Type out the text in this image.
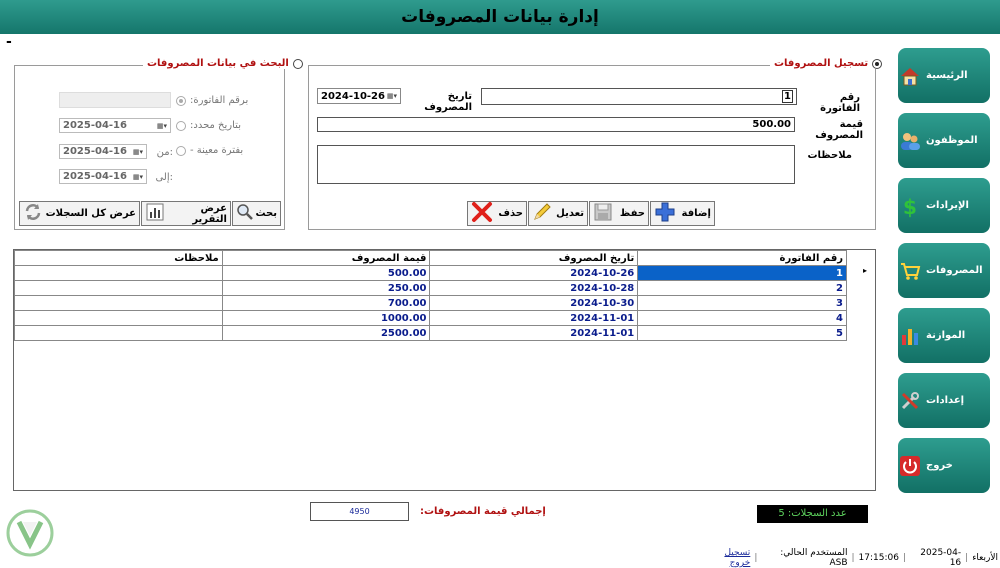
إدارة بيانات المصروفات
-
الرئيسية
الموظفون
الإيرادات
$
المصروفات
الموازنة
إعدادات
خروج
تسجيل المصروفات
رقم الفاتورة
1
تاريخ المصروف
2024-10-26 ▦▾
قيمة المصروف
500.00
ملاحظات
إضافة
حفظ
تعديل
حذف
البحث في بيانات المصروفات
برقم الفاتورة:
بتاريخ محدد:
2025-04-16	▦▾
بفترة معينة -
من:
2025-04-16 ▦▾
إلى:
2025-04-16 ▦▾
بحث
عرض التقرير
عرض كل السجلات
ملاحظات	قيمة المصروف	تاريخ المصروف	رقم الفاتورة
	500.00	2024-10-26	1
	250.00	2024-10-28	2
	700.00	2024-10-30	3
	1000.00	2024-11-01	4
	2500.00	2024-11-01	5
▸
إجمالي قيمة المصروفات:
4950	عدد السجلات: 5
الأربعاء
|
2025-04-16
|
17:15:06
|
المستخدم الحالي: ASB
|
تسجيل خروج
